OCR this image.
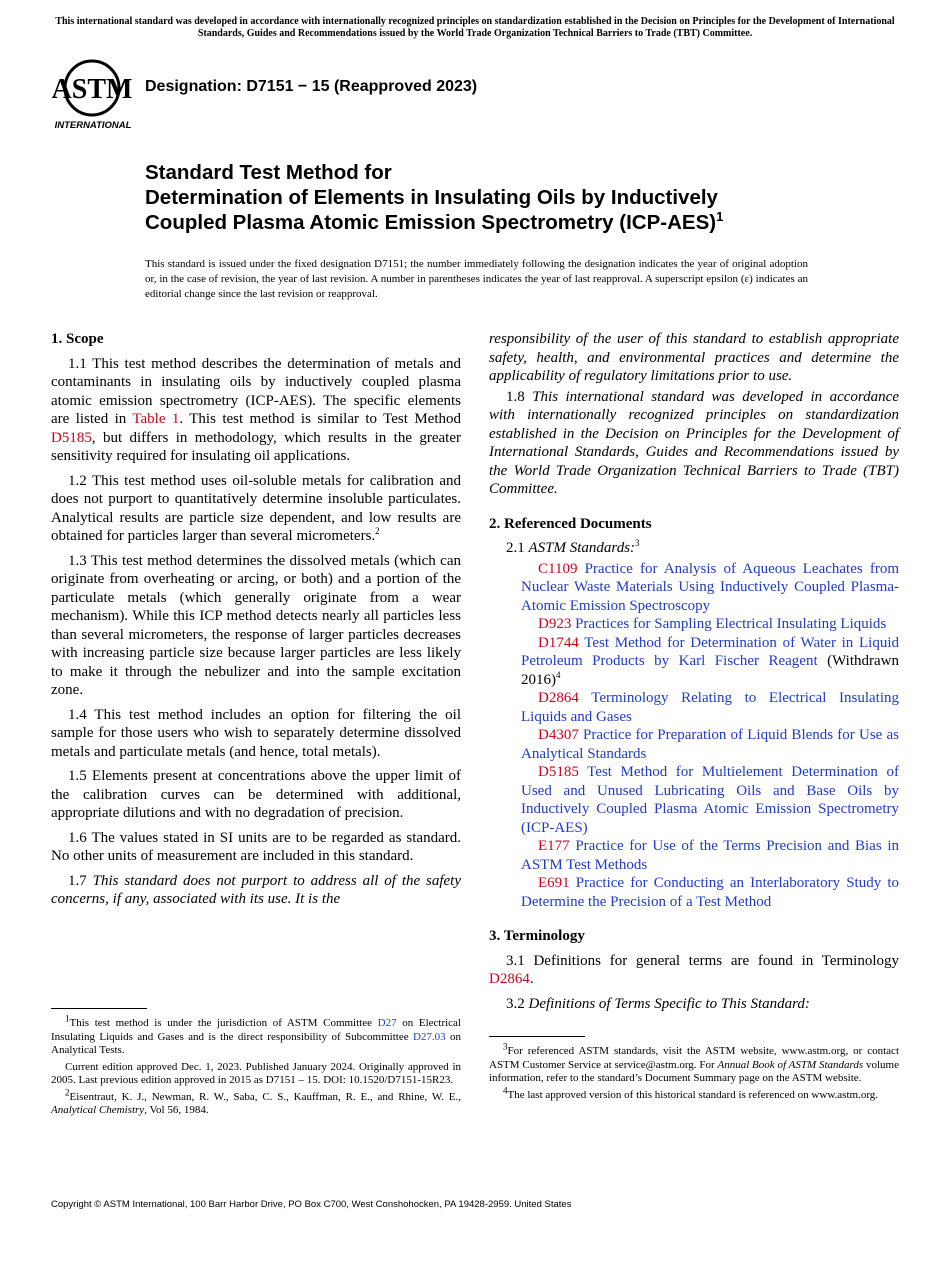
This international standard was developed in accordance with internationally recognized principles on standardization established in the Decision on Principles for the Development of International Standards, Guides and Recommendations issued by the World Trade Organization Technical Barriers to Trade (TBT) Committee.
ASTM
INTERNATIONAL
Designation: D7151 − 15 (Reapproved 2023)
Standard Test Method for
Determination of Elements in Insulating Oils by Inductively
Coupled Plasma Atomic Emission Spectrometry $(ICP-AES)^1$
This standard is issued under the fixed designation D7151; the number immediately following the designation indicates the year of original adoption or, in the case of revision, the year of last revision. A number in parentheses indicates the year of last reapproval. A superscript epsilon (ε) indicates an editorial change since the last revision or reapproval.
1. Scope

1.1 This test method describes the determination of metals and contaminants in insulating oils by inductively coupled plasma atomic emission spectrometry (ICP-AES). The specific elements are listed in Table 1. This test method is similar to Test Method D5185, but differs in methodology, which results in the greater sensitivity required for insulating oil applications.

1.2 This test method uses oil-soluble metals for calibration and does not purport to quantitatively determine insoluble particulates. Analytical results are particle size dependent, and low results are obtained for particles larger than several micrometers.$^2$

1.3 This test method determines the dissolved metals (which can originate from overheating or arcing, or both) and a portion of the particulate metals (which generally originate from a wear mechanism). While this ICP method detects nearly all particles less than several micrometers, the response of larger particles decreases with increasing particle size because larger particles are less likely to make it through the nebulizer and into the sample excitation zone.

1.4 This test method includes an option for filtering the oil sample for those users who wish to separately determine dissolved metals and particulate metals (and hence, total metals).

1.5 Elements present at concentrations above the upper limit of the calibration curves can be determined with additional, appropriate dilutions and with no degradation of precision.

1.6 The values stated in SI units are to be regarded as standard. No other units of measurement are included in this standard.

1.7 This standard does not purport to address all of the safety concerns, if any, associated with its use. It is the

$^1$This test method is under the jurisdiction of ASTM Committee D27 on Electrical Insulating Liquids and Gases and is the direct responsibility of Subcommittee D27.03 on Analytical Tests.

Current edition approved Dec. 1, 2023. Published January 2024. Originally approved in 2005. Last previous edition approved in 2015 as D7151 – 15. DOI: 10.1520/D7151-15R23.

$^2$Eisentraut, K. J., Newman, R. W., Saba, C. S., Kauffman, R. E., and Rhine, W. E., Analytical Chemistry, Vol 56, 1984.

responsibility of the user of this standard to establish appropriate safety, health, and environmental practices and determine the applicability of regulatory limitations prior to use.

1.8 This international standard was developed in accordance with internationally recognized principles on standardization established in the Decision on Principles for the Development of International Standards, Guides and Recommendations issued by the World Trade Organization Technical Barriers to Trade (TBT) Committee.

2. Referenced Documents

2.1 ASTM Standards:$^3$

C1109 Practice for Analysis of Aqueous Leachates from Nuclear Waste Materials Using Inductively Coupled Plasma-Atomic Emission Spectroscopy

D923 Practices for Sampling Electrical Insulating Liquids

D1744 Test Method for Determination of Water in Liquid Petroleum Products by Karl Fischer Reagent (Withdrawn 2016)$^4$

D2864 Terminology Relating to Electrical Insulating Liquids and Gases

D4307 Practice for Preparation of Liquid Blends for Use as Analytical Standards

D5185 Test Method for Multielement Determination of Used and Unused Lubricating Oils and Base Oils by Inductively Coupled Plasma Atomic Emission Spectrometry (ICP-AES)

E177 Practice for Use of the Terms Precision and Bias in ASTM Test Methods

E691 Practice for Conducting an Interlaboratory Study to Determine the Precision of a Test Method

3. Terminology

3.1 Definitions for general terms are found in Terminology D2864.

3.2 Definitions of Terms Specific to This Standard:

$^3$For referenced ASTM standards, visit the ASTM website, www.astm.org, or contact ASTM Customer Service at service@astm.org. For Annual Book of ASTM Standards volume information, refer to the standard’s Document Summary page on the ASTM website.

$^4$The last approved version of this historical standard is referenced on www.astm.org.

Copyright © ASTM International, 100 Barr Harbor Drive, PO Box C700, West Conshohocken, PA 19428-2959. United States
